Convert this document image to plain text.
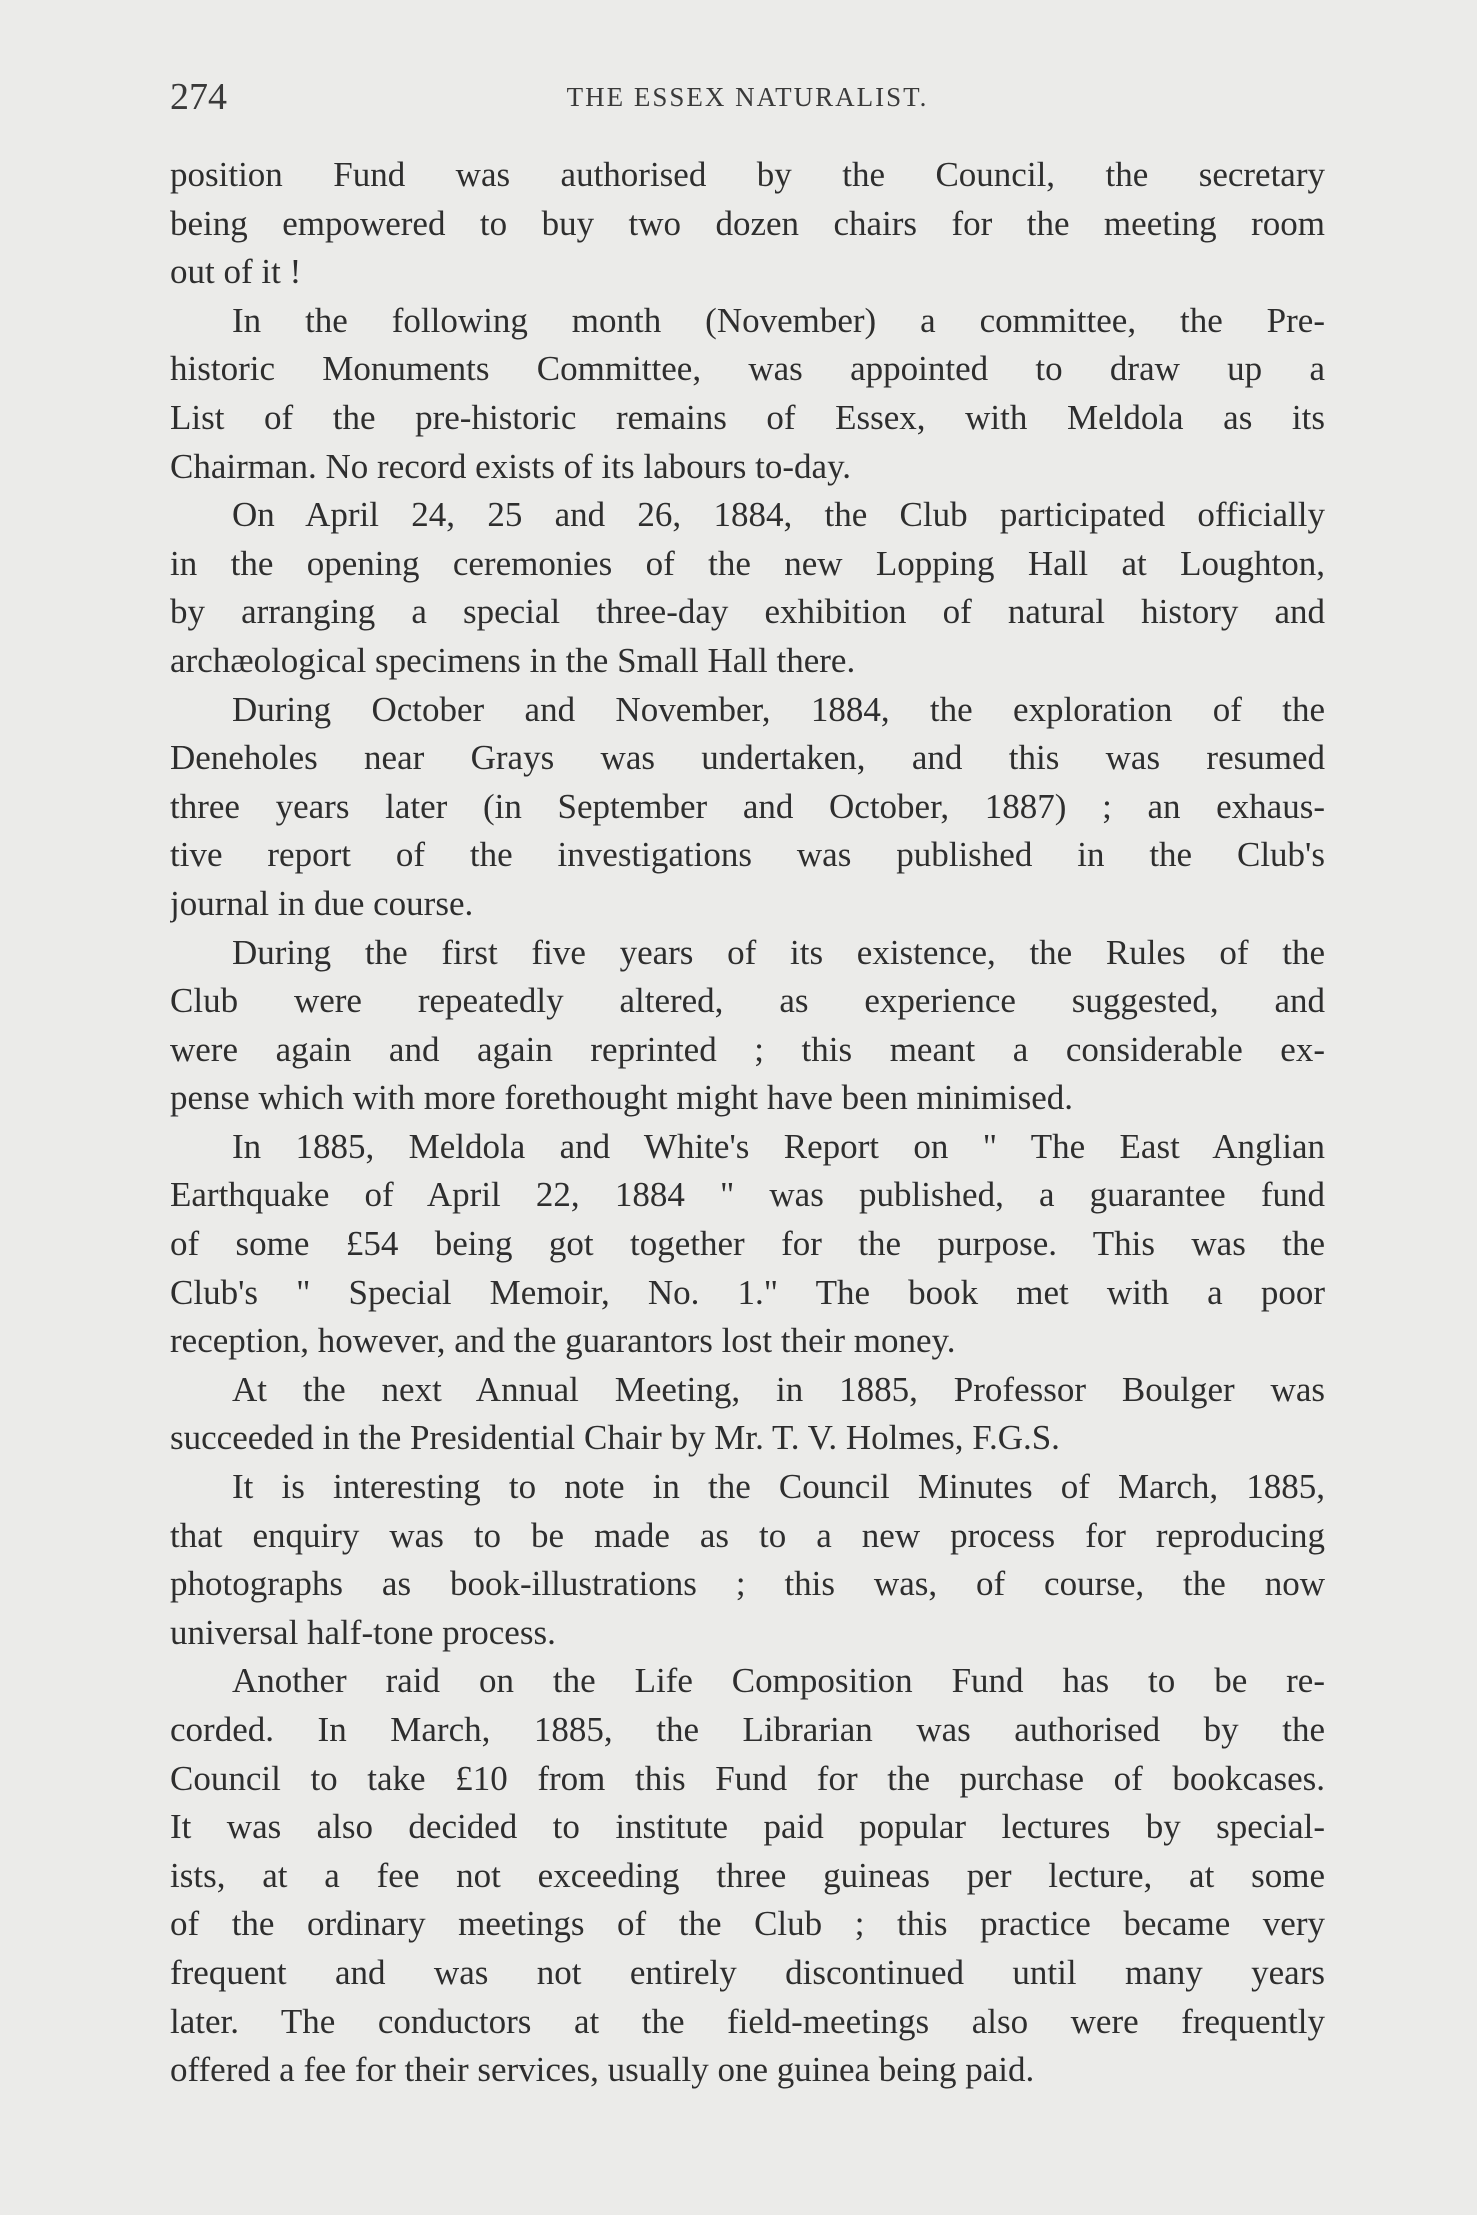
274	THE ESSEX NATURALIST.
position Fund was authorised by the Council, the secretary
being empowered to buy two dozen chairs for the meeting room
out of it !
In the following month (November) a committee, the Pre-
historic Monuments Committee, was appointed to draw up a
List of the pre-historic remains of Essex, with Meldola as its
Chairman. No record exists of its labours to-day.
On April 24, 25 and 26, 1884, the Club participated officially
in the opening ceremonies of the new Lopping Hall at Loughton,
by arranging a special three-day exhibition of natural history and
archæological specimens in the Small Hall there.
During October and November, 1884, the exploration of the
Deneholes near Grays was undertaken, and this was resumed
three years later (in September and October, 1887) ; an exhaus-
tive report of the investigations was published in the Club's
journal in due course.
During the first five years of its existence, the Rules of the
Club were repeatedly altered, as experience suggested, and
were again and again reprinted ; this meant a considerable ex-
pense which with more forethought might have been minimised.
In 1885, Meldola and White's Report on " The East Anglian
Earthquake of April 22, 1884 " was published, a guarantee fund
of some £54 being got together for the purpose. This was the
Club's " Special Memoir, No. 1." The book met with a poor
reception, however, and the guarantors lost their money.
At the next Annual Meeting, in 1885, Professor Boulger was
succeeded in the Presidential Chair by Mr. T. V. Holmes, F.G.S.
It is interesting to note in the Council Minutes of March, 1885,
that enquiry was to be made as to a new process for reproducing
photographs as book-illustrations ; this was, of course, the now
universal half-tone process.
Another raid on the Life Composition Fund has to be re-
corded. In March, 1885, the Librarian was authorised by the
Council to take £10 from this Fund for the purchase of bookcases.
It was also decided to institute paid popular lectures by special-
ists, at a fee not exceeding three guineas per lecture, at some
of the ordinary meetings of the Club ; this practice became very
frequent and was not entirely discontinued until many years
later. The conductors at the field-meetings also were frequently
offered a fee for their services, usually one guinea being paid.
